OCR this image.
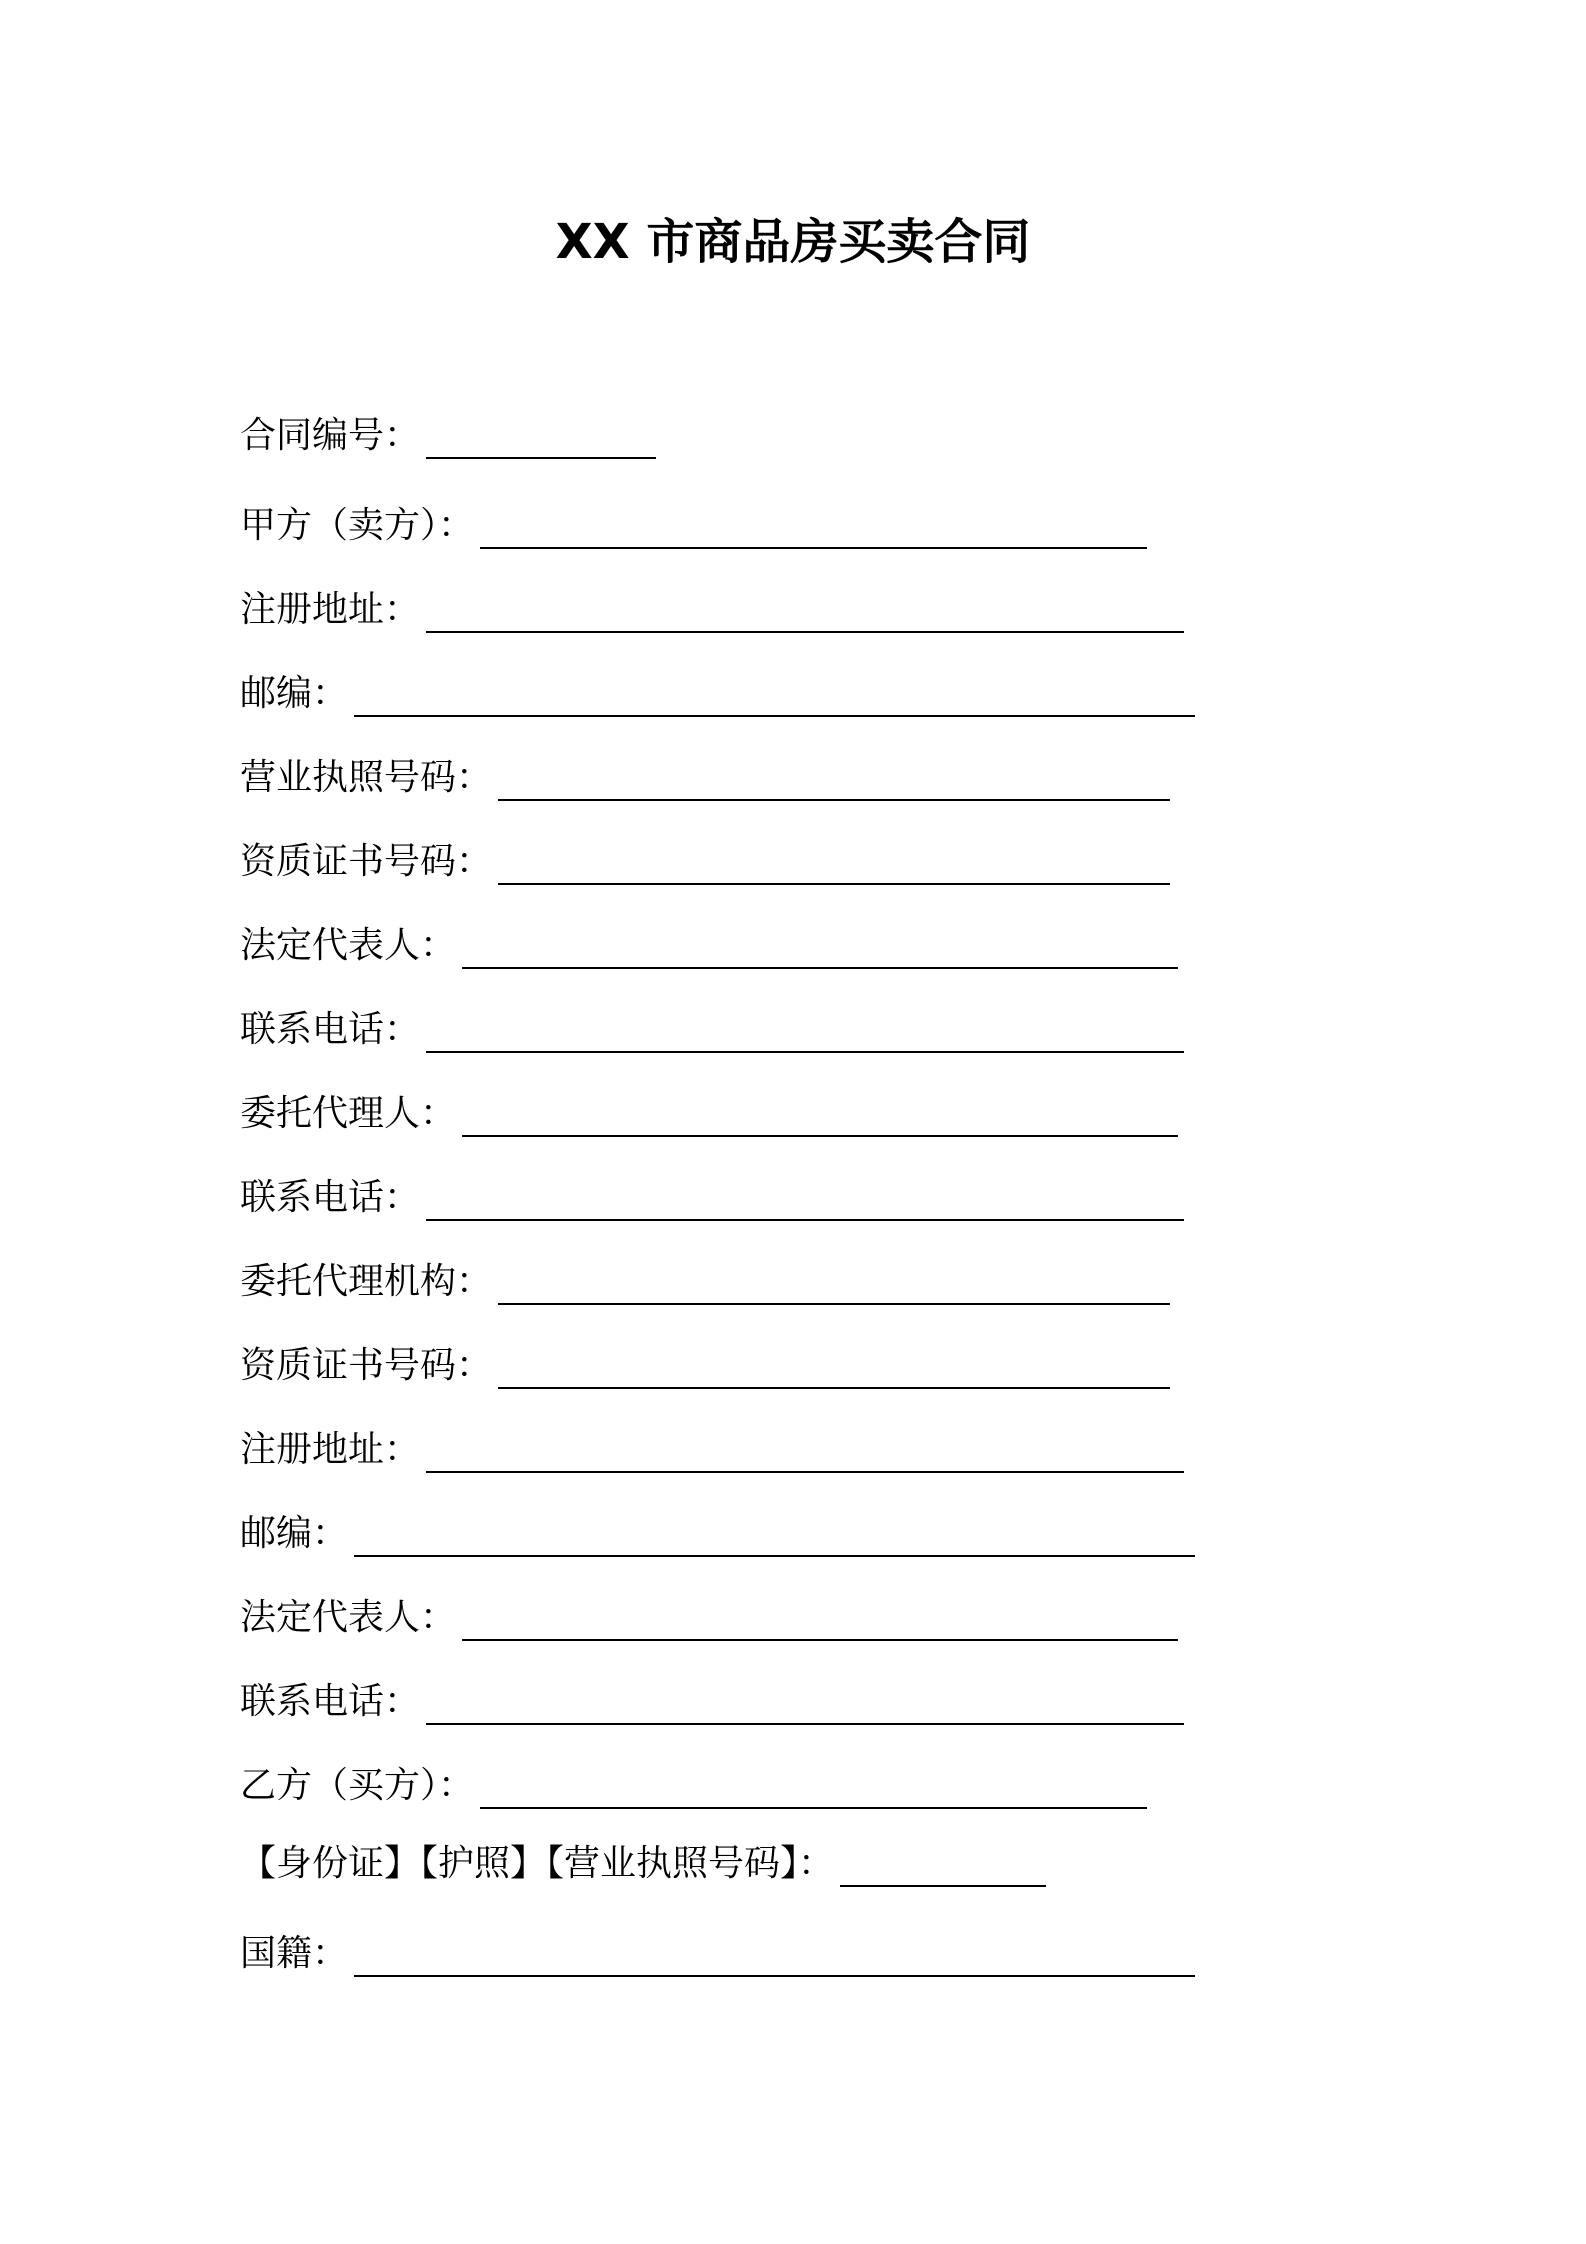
XX 市商品房买卖合同
合同编号：
甲方（卖方）：
注册地址：
邮编：
营业执照号码：
资质证书号码：
法定代表人：
联系电话：
委托代理人：
联系电话：
委托代理机构：
资质证书号码：
注册地址：
邮编：
法定代表人：
联系电话：
乙方（买方）：
【身份证】【护照】【营业执照号码】：
国籍：
